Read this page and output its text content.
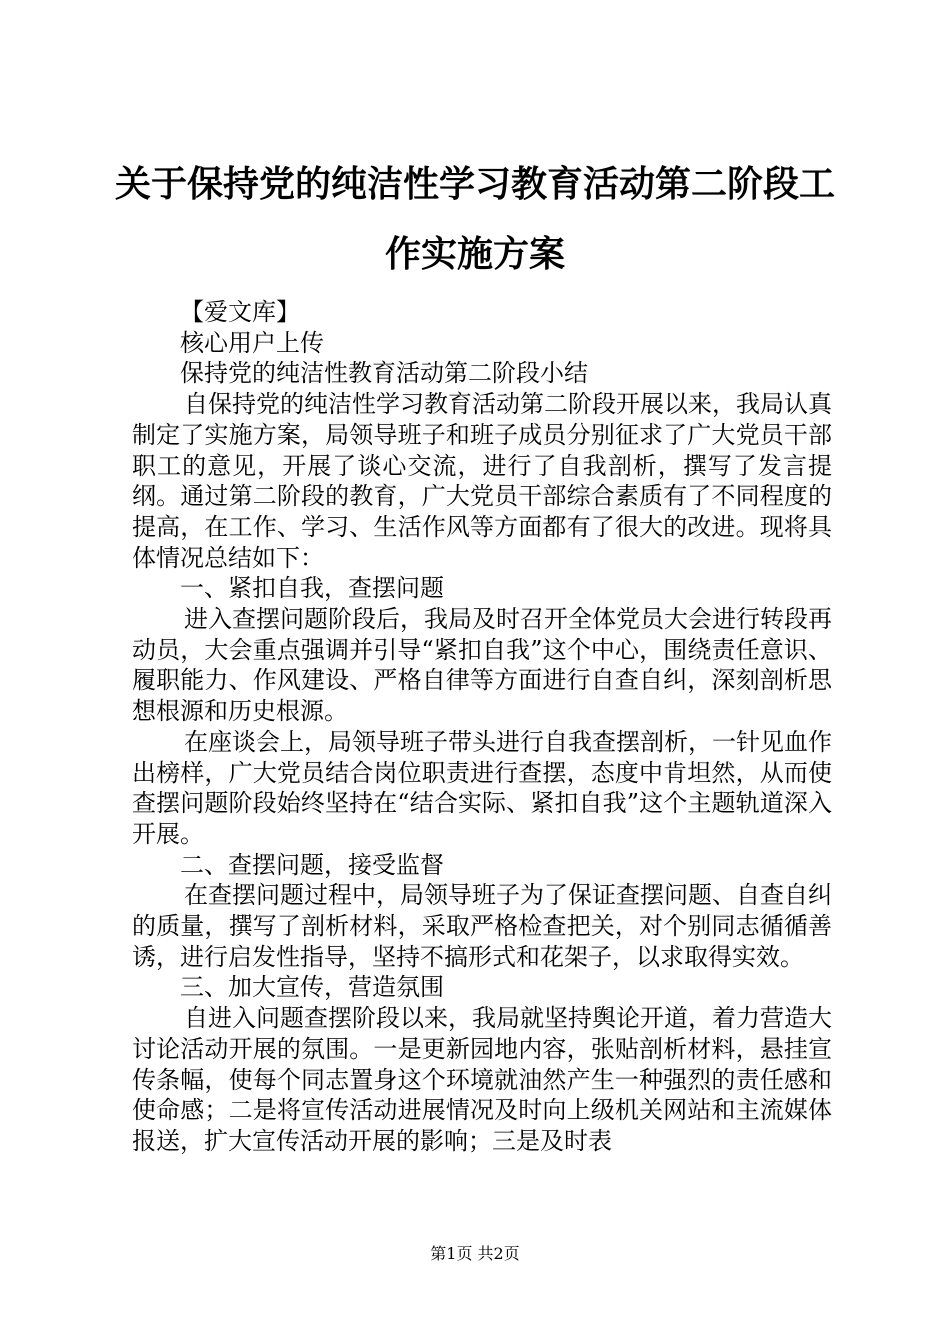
关于保持党的纯洁性学习教育活动第二阶段工
作实施方案

【爱文库】

核心用户上传

保持党的纯洁性教育活动第二阶段小结

自保持党的纯洁性学习教育活动第二阶段开展以来，我局认真制定了实施方案，局领导班子和班子成员分别征求了广大党员干部职工的意见，开展了谈心交流，进行了自我剖析，撰写了发言提纲。通过第二阶段的教育，广大党员干部综合素质有了不同程度的提高，在工作、学习、生活作风等方面都有了很大的改进。现将具体情况总结如下：

一、紧扣自我，查摆问题

进入查摆问题阶段后，我局及时召开全体党员大会进行转段再动员，大会重点强调并引导“紧扣自我”这个中心，围绕责任意识、履职能力、作风建设、严格自律等方面进行自查自纠，深刻剖析思想根源和历史根源。

在座谈会上，局领导班子带头进行自我查摆剖析，一针见血作出榜样，广大党员结合岗位职责进行查摆，态度中肯坦然，从而使查摆问题阶段始终坚持在“结合实际、紧扣自我”这个主题轨道深入开展。

二、查摆问题，接受监督

在查摆问题过程中，局领导班子为了保证查摆问题、自查自纠的质量，撰写了剖析材料，采取严格检查把关，对个别同志循循善诱，进行启发性指导，坚持不搞形式和花架子，以求取得实效。

三、加大宣传，营造氛围

自进入问题查摆阶段以来，我局就坚持舆论开道，着力营造大讨论活动开展的氛围。一是更新园地内容，张贴剖析材料，悬挂宣传条幅，使每个同志置身这个环境就油然产生一种强烈的责任感和使命感；二是将宣传活动进展情况及时向上级机关网站和主流媒体报送，扩大宣传活动开展的影响；三是及时表

第1页 共2页
